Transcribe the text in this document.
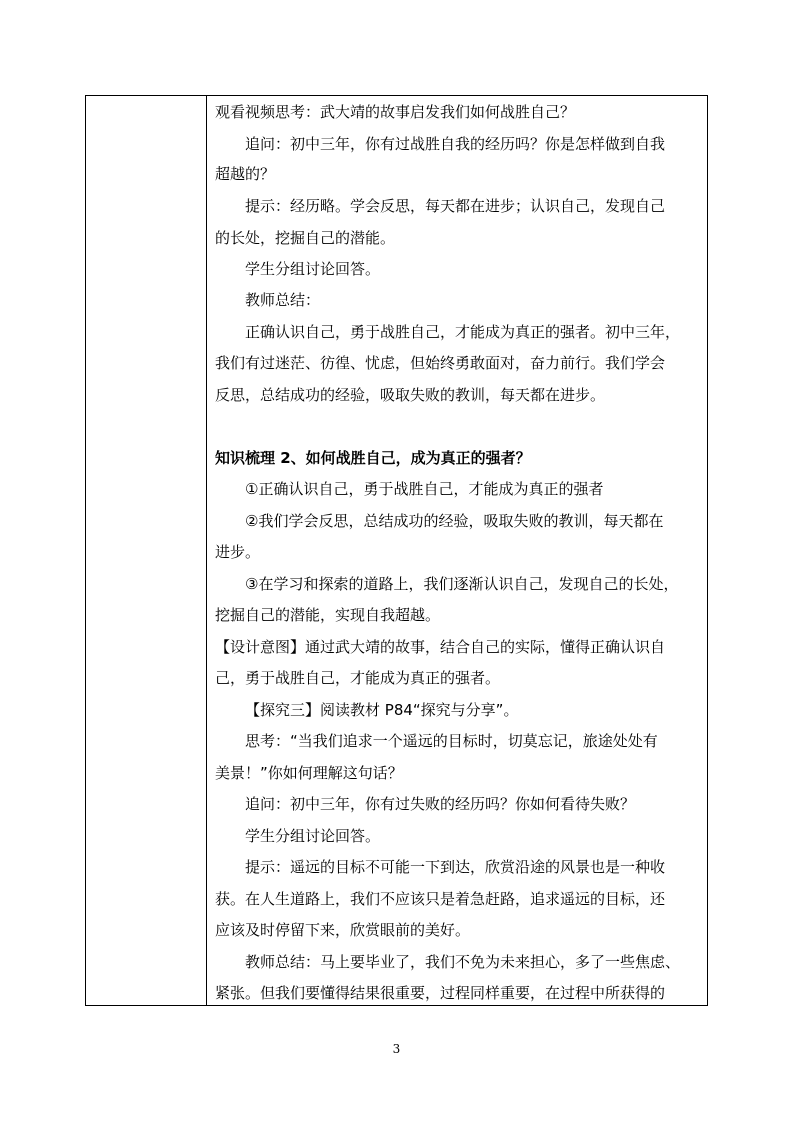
观看视频思考：武大靖的故事启发我们如何战胜自己？
追问：初中三年，你有过战胜自我的经历吗？你是怎样做到自我
超越的？
提示：经历略。学会反思，每天都在进步；认识自己，发现自己
的长处，挖掘自己的潜能。
学生分组讨论回答。
教师总结：
正确认识自己，勇于战胜自己，才能成为真正的强者。初中三年，
我们有过迷茫、彷徨、忧虑，但始终勇敢面对，奋力前行。我们学会
反思，总结成功的经验，吸取失败的教训，每天都在进步。
知识梳理 2、如何战胜自己，成为真正的强者？
①正确认识自己，勇于战胜自己，才能成为真正的强者
②我们学会反思，总结成功的经验，吸取失败的教训，每天都在
进步。
③在学习和探索的道路上，我们逐渐认识自己，发现自己的长处，
挖掘自己的潜能，实现自我超越。
【设计意图】通过武大靖的故事，结合自己的实际，懂得正确认识自
己，勇于战胜自己，才能成为真正的强者。
【探究三】阅读教材 P84“探究与分享”。
思考：“当我们追求一个遥远的目标时，切莫忘记，旅途处处有
美景！”你如何理解这句话？
追问：初中三年，你有过失败的经历吗？你如何看待失败？
学生分组讨论回答。
提示：遥远的目标不可能一下到达，欣赏沿途的风景也是一种收
获。在人生道路上，我们不应该只是着急赶路，追求遥远的目标，还
应该及时停留下来，欣赏眼前的美好。
教师总结：马上要毕业了，我们不免为未来担心，多了一些焦虑、
紧张。但我们要懂得结果很重要，过程同样重要，在过程中所获得的
3
